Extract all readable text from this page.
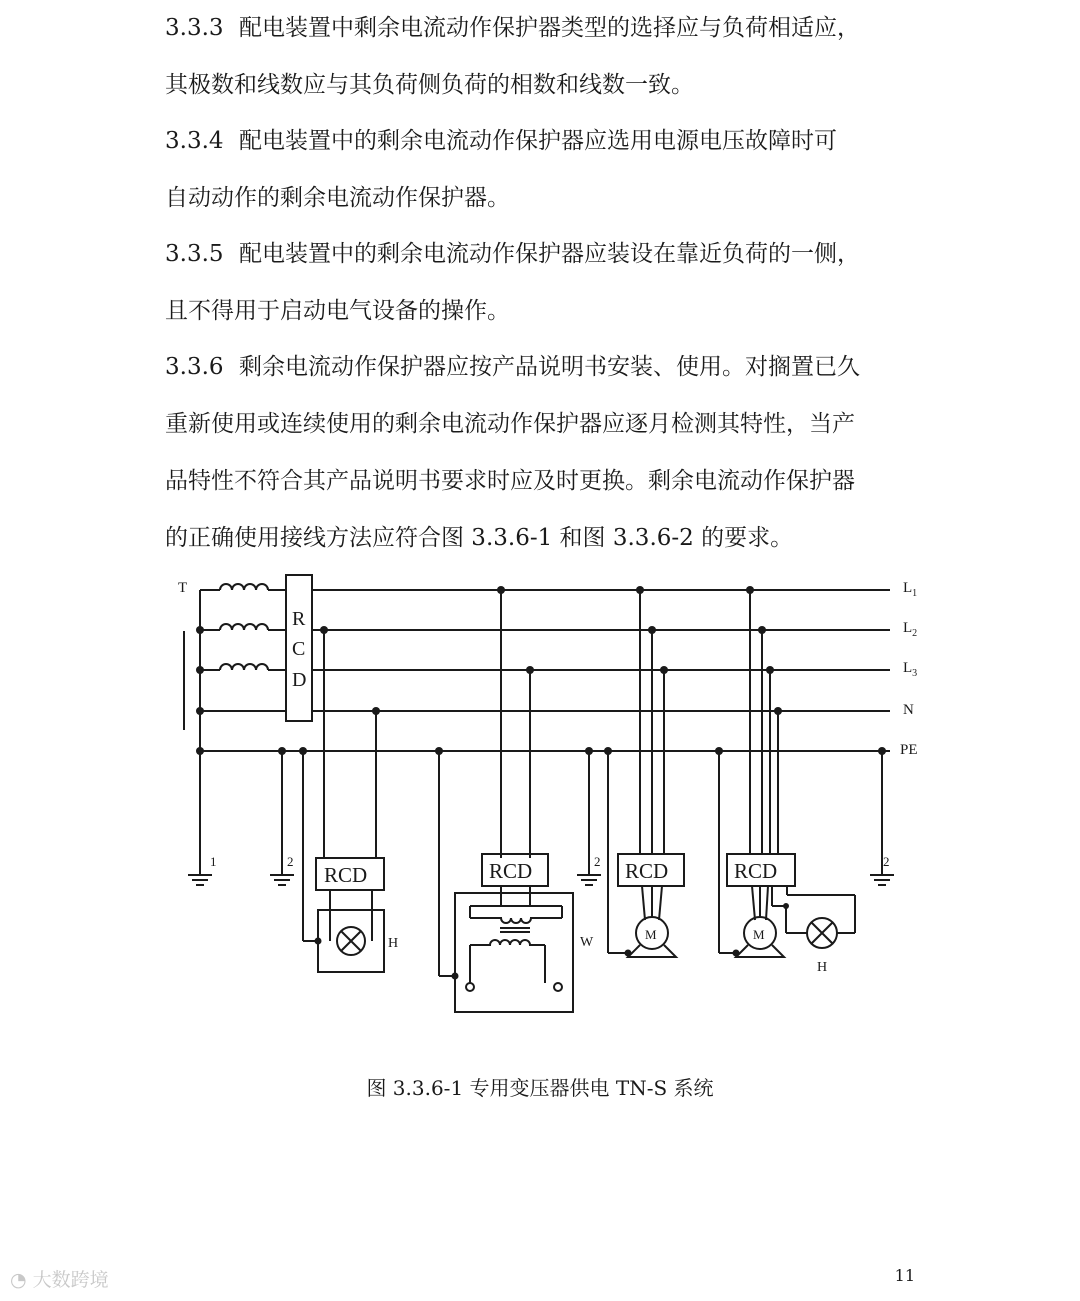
3.3.3 配电装置中剩余电流动作保护器类型的选择应与负荷相适应，
其极数和线数应与其负荷侧负荷的相数和线数一致。
3.3.4 配电装置中的剩余电流动作保护器应选用电源电压故障时可
自动动作的剩余电流动作保护器。
3.3.5 配电装置中的剩余电流动作保护器应装设在靠近负荷的一侧，
且不得用于启动电气设备的操作。
3.3.6 剩余电流动作保护器应按产品说明书安装、使用。对搁置已久
重新使用或连续使用的剩余电流动作保护器应逐月检测其特性，当产
品特性不符合其产品说明书要求时应及时更换。剩余电流动作保护器
的正确使用接线方法应符合图 3.3.6-1 和图 3.3.6-2 的要求。
T
R
C
D
$L_1$
$L_2$
$L_3$
N
PE
1	2
RCD
H
RCD
W
2 RCD
M
RCD
M
H
2
图 3.3.6-1 专用变压器供电 TN-S 系统
11
◔ 大数跨境
